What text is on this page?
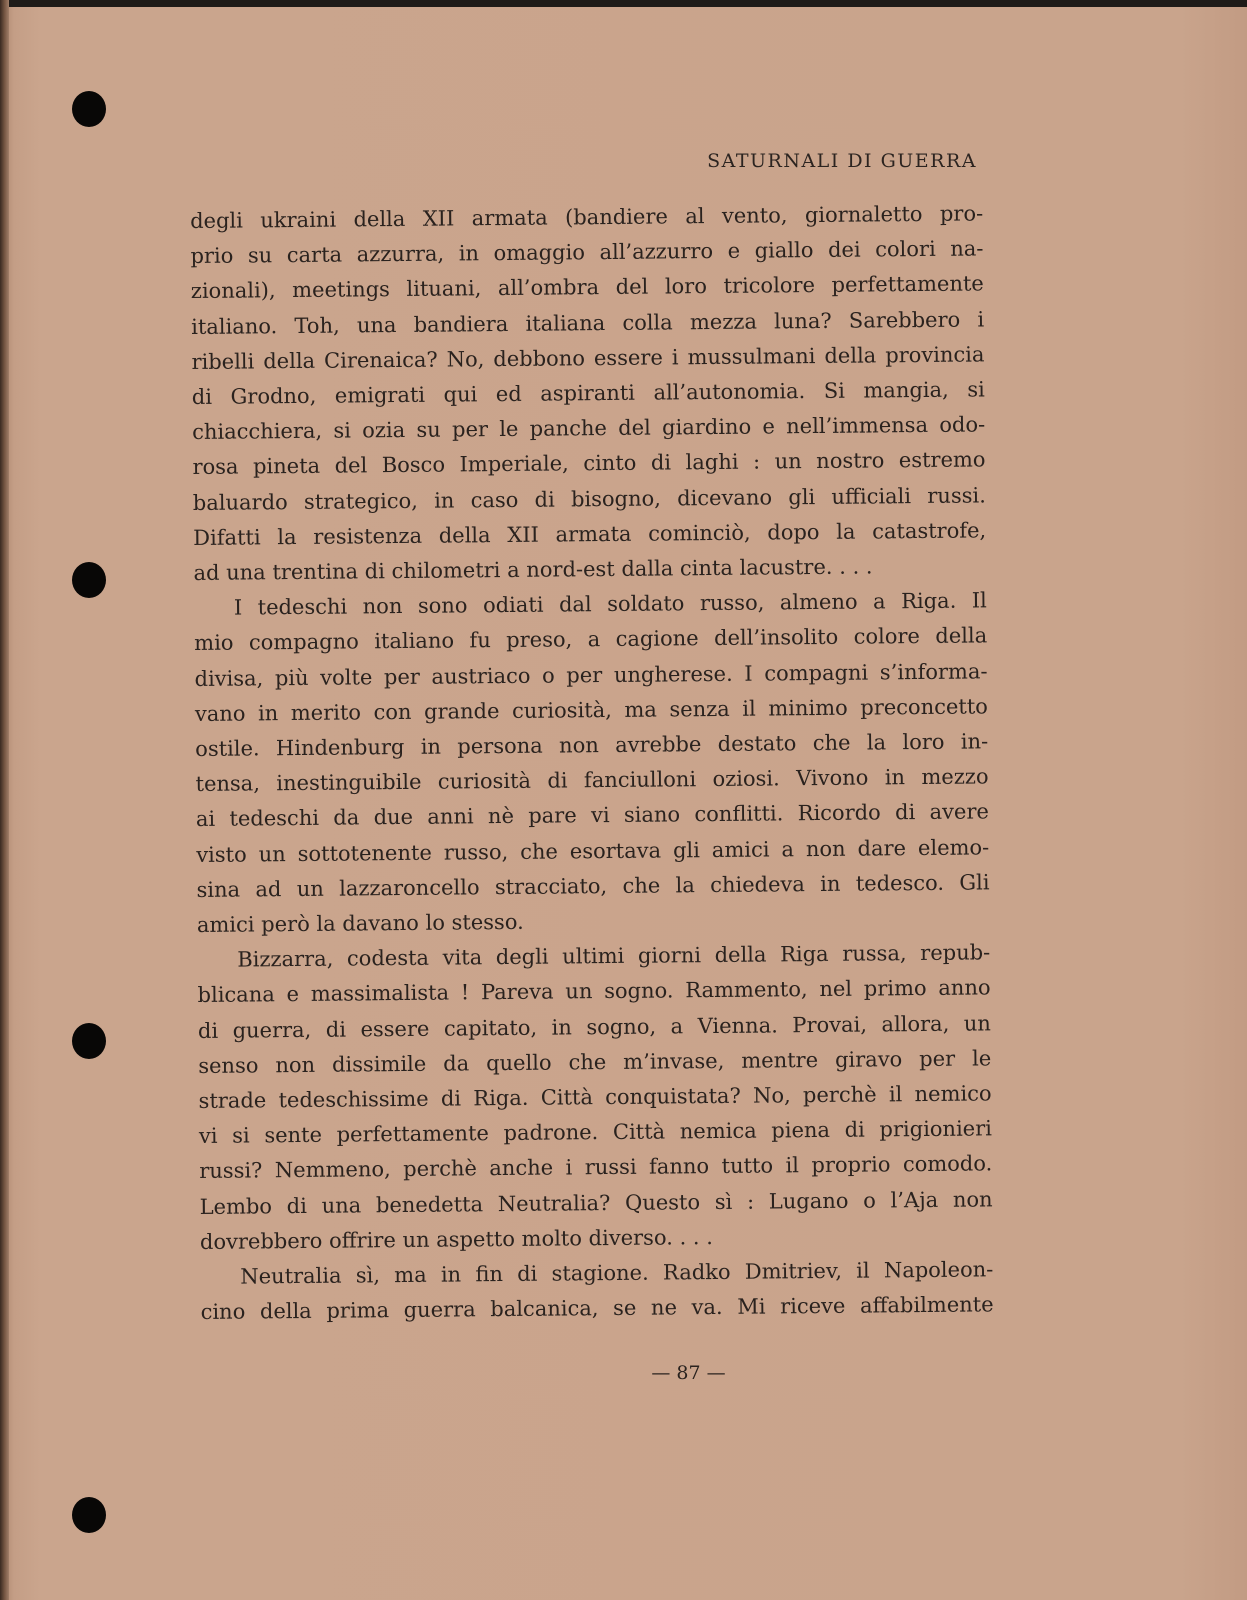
SATURNALI DI GUERRA

degli ukraini della XII armata (bandiere al vento, giornaletto pro-

prio su carta azzurra, in omaggio all’azzurro e giallo dei colori na-

zionali), meetings lituani, all’ombra del loro tricolore perfettamente

italiano. Toh, una bandiera italiana colla mezza luna? Sarebbero i

ribelli della Cirenaica? No, debbono essere i mussulmani della provincia

di Grodno, emigrati qui ed aspiranti all’autonomia. Si mangia, si

chiacchiera, si ozia su per le panche del giardino e nell’immensa odo-

rosa pineta del Bosco Imperiale, cinto di laghi : un nostro estremo

baluardo strategico, in caso di bisogno, dicevano gli ufficiali russi.

Difatti la resistenza della XII armata cominciò, dopo la catastrofe,

ad una trentina di chilometri a nord-est dalla cinta lacustre. . . .

I tedeschi non sono odiati dal soldato russo, almeno a Riga. Il

mio compagno italiano fu preso, a cagione dell’insolito colore della

divisa, più volte per austriaco o per ungherese. I compagni s’informa-

vano in merito con grande curiosità, ma senza il minimo preconcetto

ostile. Hindenburg in persona non avrebbe destato che la loro in-

tensa, inestinguibile curiosità di fanciulloni oziosi. Vivono in mezzo

ai tedeschi da due anni nè pare vi siano conflitti. Ricordo di avere

visto un sottotenente russo, che esortava gli amici a non dare elemo-

sina ad un lazzaroncello stracciato, che la chiedeva in tedesco. Gli

amici però la davano lo stesso.

Bizzarra, codesta vita degli ultimi giorni della Riga russa, repub-

blicana e massimalista ! Pareva un sogno. Rammento, nel primo anno

di guerra, di essere capitato, in sogno, a Vienna. Provai, allora, un

senso non dissimile da quello che m’invase, mentre giravo per le

strade tedeschissime di Riga. Città conquistata? No, perchè il nemico

vi si sente perfettamente padrone. Città nemica piena di prigionieri

russi? Nemmeno, perchè anche i russi fanno tutto il proprio comodo.

Lembo di una benedetta Neutralia? Questo sì : Lugano o l’Aja non

dovrebbero offrire un aspetto molto diverso. . . .

Neutralia sì, ma in fin di stagione. Radko Dmitriev, il Napoleon-

cino della prima guerra balcanica, se ne va. Mi riceve affabilmente

— 87 —
